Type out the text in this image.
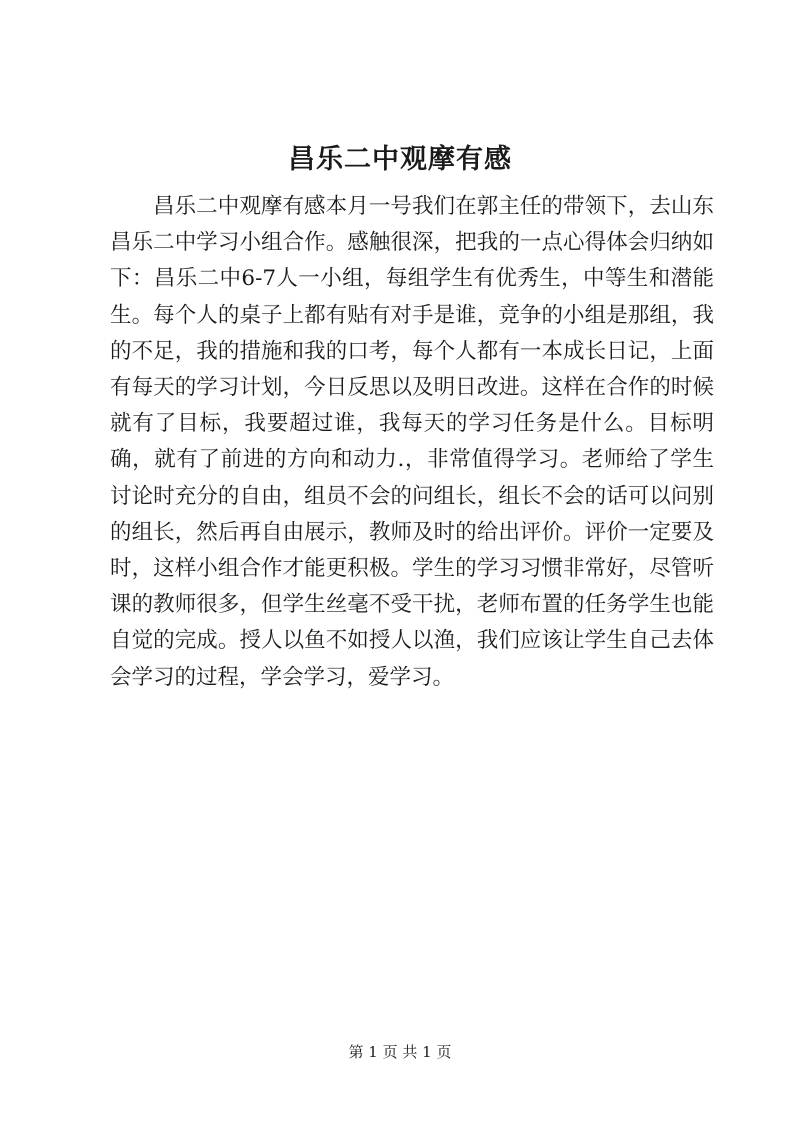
昌乐二中观摩有感

昌乐二中观摩有感本月一号我们在郭主任的带领下，去山东昌乐二中学习小组合作。感触很深，把我的一点心得体会归纳如下：昌乐二中6-7人一小组，每组学生有优秀生，中等生和潜能生。每个人的桌子上都有贴有对手是谁，竞争的小组是那组，我的不足，我的措施和我的口考，每个人都有一本成长日记，上面有每天的学习计划，今日反思以及明日改进。这样在合作的时候就有了目标，我要超过谁，我每天的学习任务是什么。目标明确，就有了前进的方向和动力.，非常值得学习。老师给了学生讨论时充分的自由，组员不会的问组长，组长不会的话可以问别的组长，然后再自由展示，教师及时的给出评价。评价一定要及时，这样小组合作才能更积极。学生的学习习惯非常好，尽管听课的教师很多，但学生丝毫不受干扰，老师布置的任务学生也能自觉的完成。授人以鱼不如授人以渔，我们应该让学生自己去体会学习的过程，学会学习，爱学习。

第 1 页 共 1 页
